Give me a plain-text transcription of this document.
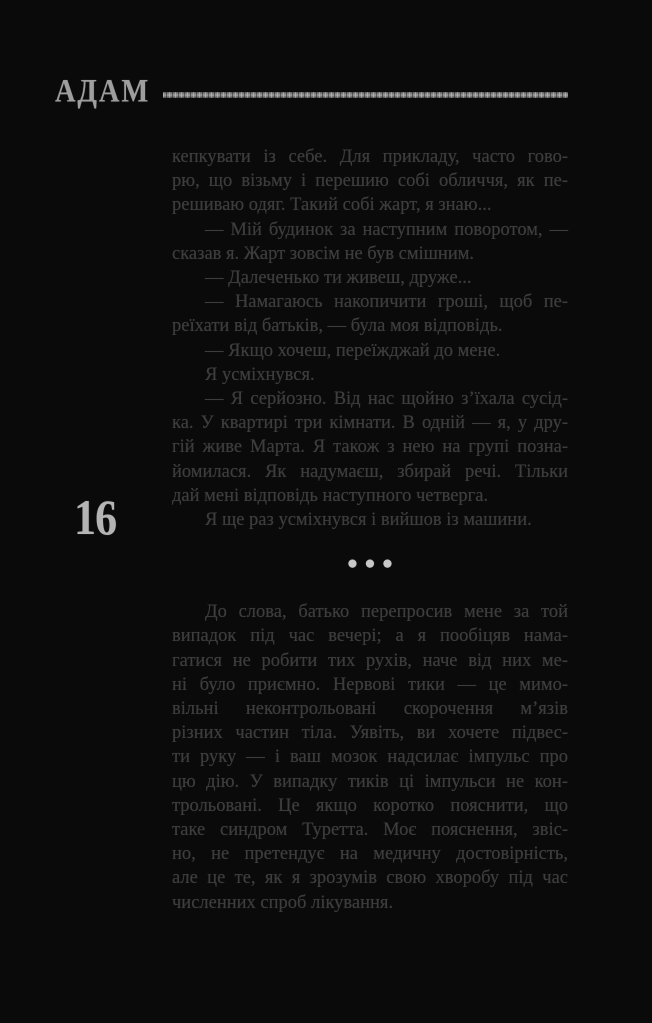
АДАМ
16
кепкувати із себе. Для прикладу, часто гово-
рю, що візьму і перешию собі обличчя, як пе-
решиваю одяг. Такий собі жарт, я знаю...
— Мій будинок за наступним поворотом, —
сказав я. Жарт зовсім не був смішним.
— Далеченько ти живеш, друже...
— Намагаюсь накопичити гроші, щоб пе-
реїхати від батьків, — була моя відповідь.
— Якщо хочеш, переїжджай до мене.
Я усміхнувся.
— Я серйозно. Від нас щойно з’їхала сусід-
ка. У квартирі три кімнати. В одній — я, у дру-
гій живе Марта. Я також з нею на групі позна-
йомилася. Як надумаєш, збирай речі. Тільки
дай мені відповідь наступного четверга.
Я ще раз усміхнувся і вийшов із машини.
●●●
До слова, батько перепросив мене за той
випадок під час вечері; а я пообіцяв нама-
гатися не робити тих рухів, наче від них ме-
ні було приємно. Нервові тики — це мимо-
вільні неконтрольовані скорочення м’язів
різних частин тіла. Уявіть, ви хочете підвес-
ти руку — і ваш мозок надсилає імпульс про
цю дію. У випадку тиків ці імпульси не кон-
трольовані. Це якщо коротко пояснити, що
таке синдром Туретта. Моє пояснення, звіс-
но, не претендує на медичну достовірність,
але це те, як я зрозумів свою хворобу під час
численних спроб лікування.
